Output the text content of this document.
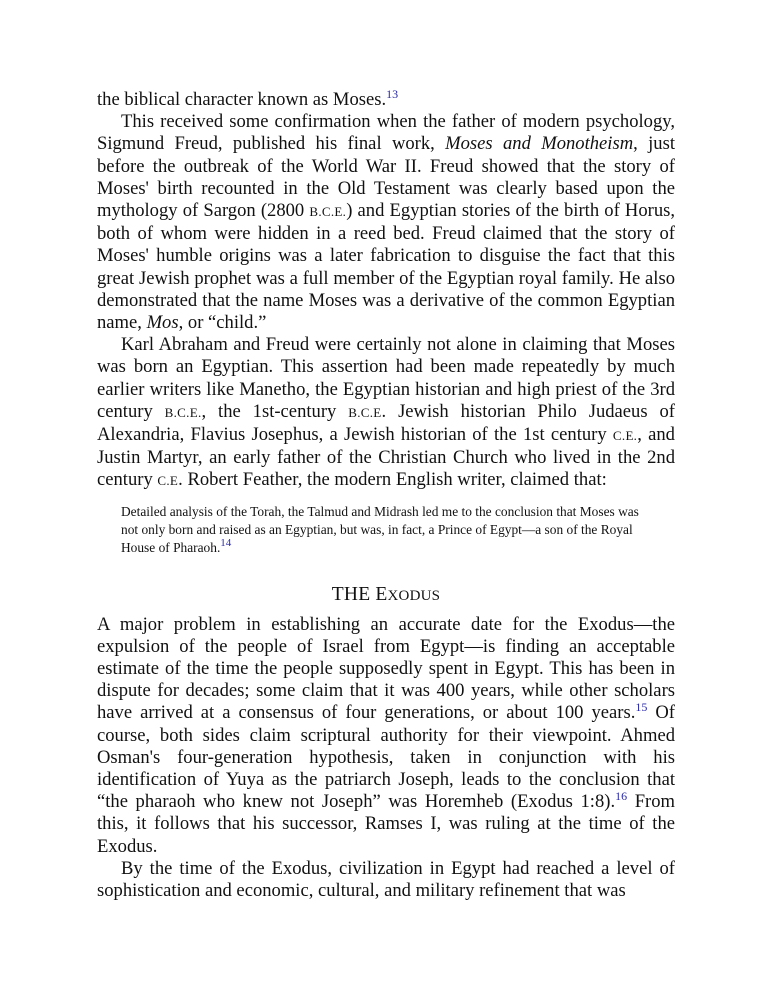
the biblical character known as Moses.$^{13}$

This received some confirmation when the father of modern psychology, Sigmund Freud, published his final work, Moses and Monotheism, just before the outbreak of the World War II. Freud showed that the story of Moses' birth recounted in the Old Testament was clearly based upon the mythology of Sargon (2800 B.C.E.) and Egyptian stories of the birth of Horus, both of whom were hidden in a reed bed. Freud claimed that the story of Moses' humble origins was a later fabrication to disguise the fact that this great Jewish prophet was a full member of the Egyptian royal family. He also demonstrated that the name Moses was a derivative of the common Egyptian name, Mos, or “child.”

Karl Abraham and Freud were certainly not alone in claiming that Moses was born an Egyptian. This assertion had been made repeatedly by much earlier writers like Manetho, the Egyptian historian and high priest of the 3rd century B.C.E., the 1st-century B.C.E. Jewish historian Philo Judaeus of Alexandria, Flavius Josephus, a Jewish historian of the 1st century C.E., and Justin Martyr, an early father of the Christian Church who lived in the 2nd century C.E. Robert Feather, the modern English writer, claimed that:

Detailed analysis of the Torah, the Talmud and Midrash led me to the conclusion that Moses was not only born and raised as an Egyptian, but was, in fact, a Prince of Egypt—a son of the Royal House of Pharaoh.$^{14}$

THE EXODUS

A major problem in establishing an accurate date for the Exodus—the expulsion of the people of Israel from Egypt—is finding an acceptable estimate of the time the people supposedly spent in Egypt. This has been in dispute for decades; some claim that it was 400 years, while other scholars have arrived at a consensus of four generations, or about 100 years.$^{15}$ Of course, both sides claim scriptural authority for their viewpoint. Ahmed Osman's four-generation hypothesis, taken in conjunction with his identification of Yuya as the patriarch Joseph, leads to the conclusion that “the pharaoh who knew not Joseph” was Horemheb (Exodus 1:8).$^{16}$ From this, it follows that his successor, Ramses I, was ruling at the time of the Exodus.

By the time of the Exodus, civilization in Egypt had reached a level of sophistication and economic, cultural, and military refinement that was
